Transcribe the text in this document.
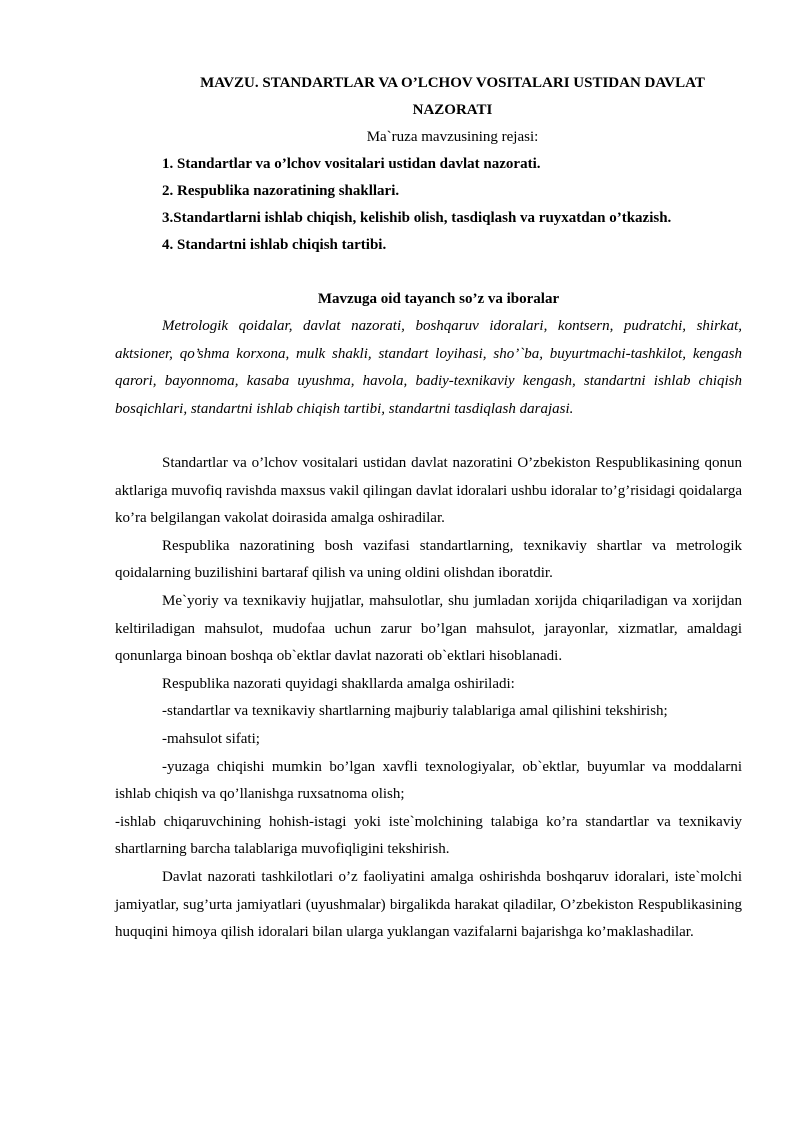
MAVZU. STANDARTLAR VA O’LCHOV VOSITALARI USTIDAN DAVLAT NAZORATI

Ma`ruza mavzusining rejasi:

1. Standartlar va o’lchov vositalari ustidan davlat nazorati.
2. Respublika nazoratining shakllari.
3.Standartlarni ishlab chiqish, kelishib olish, tasdiqlash va ruyxatdan o’tkazish.
4. Standartni ishlab chiqish tartibi.

Mavzuga oid tayanch so’z va iboralar

Metrologik qoidalar, davlat nazorati, boshqaruv idoralari, kontsern, pudratchi, shirkat, aktsioner, qo’shma korxona, mulk shakli, standart loyihasi, sho’`ba, buyurtmachi-tashkilot, kengash qarori, bayonnoma, kasaba uyushma, havola, badiy-texnikaviy kengash, standartni ishlab chiqish bosqichlari, standartni ishlab chiqish tartibi, standartni tasdiqlash darajasi.

Standartlar va o’lchov vositalari ustidan davlat nazoratini O’zbekiston Respublikasining qonun aktlariga muvofiq ravishda maxsus vakil qilingan davlat idoralari ushbu idoralar to’g’risidagi qoidalarga ko’ra belgilangan vakolat doirasida amalga oshiradilar.

Respublika nazoratining bosh vazifasi standartlarning, texnikaviy shartlar va metrologik qoidalarning buzilishini bartaraf qilish va uning oldini olishdan iboratdir.

Me`yoriy va texnikaviy hujjatlar, mahsulotlar, shu jumladan xorijda chiqariladigan va xorijdan keltiriladigan mahsulot, mudofaa uchun zarur bo’lgan mahsulot, jarayonlar, xizmatlar, amaldagi qonunlarga binoan boshqa ob`ektlar davlat nazorati ob`ektlari hisoblanadi.

Respublika nazorati quyidagi shakllarda amalga oshiriladi:

-standartlar va texnikaviy shartlarning majburiy talablariga amal qilishini tekshirish;

-mahsulot sifati;

-yuzaga chiqishi mumkin bo’lgan xavfli texnologiyalar, ob`ektlar, buyumlar va moddalarni ishlab chiqish va qo’llanishga ruxsatnoma olish;

-ishlab chiqaruvchining hohish-istagi yoki iste`molchining talabiga ko’ra standartlar va texnikaviy shartlarning barcha talablariga muvofiqligini tekshirish.

Davlat nazorati tashkilotlari o’z faoliyatini amalga oshirishda boshqaruv idoralari, iste`molchi jamiyatlar, sug’urta jamiyatlari (uyushmalar) birgalikda harakat qiladilar, O’zbekiston Respublikasining huquqini himoya qilish idoralari bilan ularga yuklangan vazifalarni bajarishga ko’maklashadilar.
